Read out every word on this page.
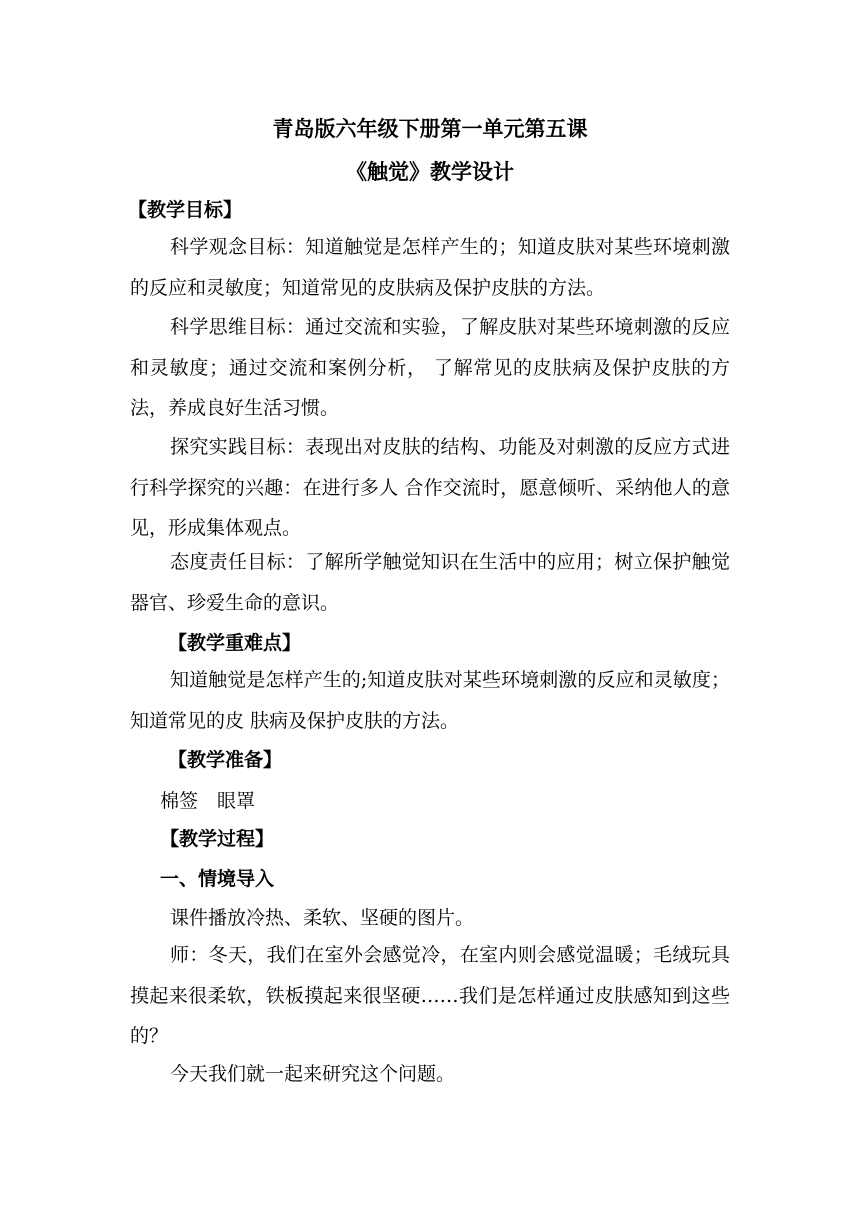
青岛版六年级下册第一单元第五课
《触觉》教学设计
【教学目标】

科学观念目标：知道触觉是怎样产生的；知道皮肤对某些环境刺激的反应和灵敏度；知道常见的皮肤病及保护皮肤的方法。

科学思维目标：通过交流和实验，了解皮肤对某些环境刺激的反应和灵敏度；通过交流和案例分析， 了解常见的皮肤病及保护皮肤的方法，养成良好生活习惯。

探究实践目标：表现出对皮肤的结构、功能及对刺激的反应方式进行科学探究的兴趣：在进行多人 合作交流时，愿意倾听、采纳他人的意见，形成集体观点。

态度责任目标：了解所学触觉知识在生活中的应用；树立保护触觉器官、珍爱生命的意识。

【教学重难点】

知道触觉是怎样产生的;知道皮肤对某些环境刺激的反应和灵敏度；知道常见的皮 肤病及保护皮肤的方法。

【教学准备】
棉签　眼罩
【教学过程】
一、情境导入
课件播放冷热、柔软、坚硬的图片。

师：冬天，我们在室外会感觉冷，在室内则会感觉温暖；毛绒玩具摸起来很柔软，铁板摸起来很坚硬……我们是怎样通过皮肤感知到这些的？

今天我们就一起来研究这个问题。
